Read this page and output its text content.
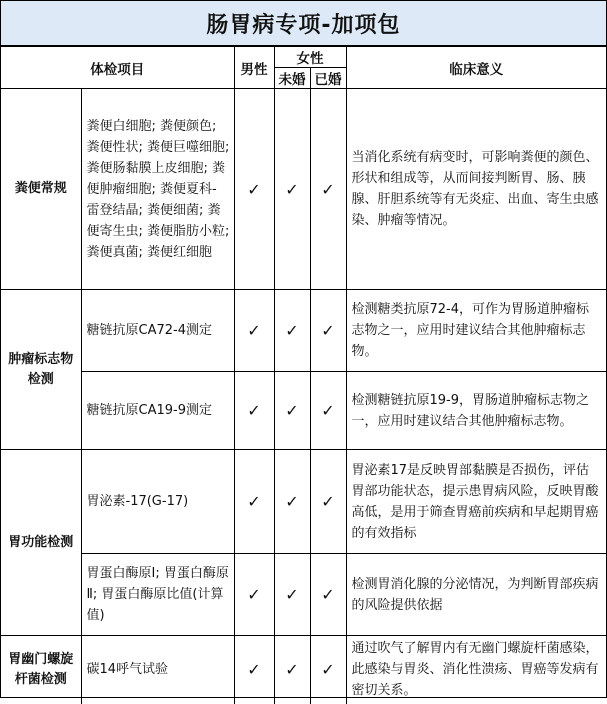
肠胃病专项-加项包
体检项目		男性	女性		临床意义
			未婚	已婚	
粪便常规	粪便白细胞; 粪便颜色; 粪便性状; 粪便巨噬细胞; 粪便肠黏膜上皮细胞; 粪便肿瘤细胞; 粪便夏科-雷登结晶; 粪便细菌; 粪便寄生虫; 粪便脂肪小粒; 粪便真菌; 粪便红细胞	✓	✓	✓	当消化系统有病变时，可影响粪便的颜色、形状和组成等，从而间接判断胃、肠、胰腺、肝胆系统等有无炎症、出血、寄生虫感染、肿瘤等情况。
肿瘤标志物检测	糖链抗原CA72-4测定	✓	✓	✓	检测糖类抗原72-4，可作为胃肠道肿瘤标志物之一，应用时建议结合其他肿瘤标志物。
	糖链抗原CA19-9测定	✓	✓	✓	检测糖链抗原19-9，胃肠道肿瘤标志物之一，应用时建议结合其他肿瘤标志物。
胃功能检测	胃泌素-17(G-17)	✓	✓	✓	胃泌素17是反映胃部黏膜是否损伤，评估胃部功能状态，提示患胃病风险，反映胃酸高低，是用于筛查胃癌前疾病和早起期胃癌的有效指标
	胃蛋白酶原Ⅰ; 胃蛋白酶原Ⅱ; 胃蛋白酶原比值(计算值)	✓	✓	✓	检测胃消化腺的分泌情况，为判断胃部疾病的风险提供依据
胃幽门螺旋杆菌检测	碳14呼气试验	✓	✓	✓	通过吹气了解胃内有无幽门螺旋杆菌感染，此感染与胃炎、消化性溃疡、胃癌等发病有密切关系。
